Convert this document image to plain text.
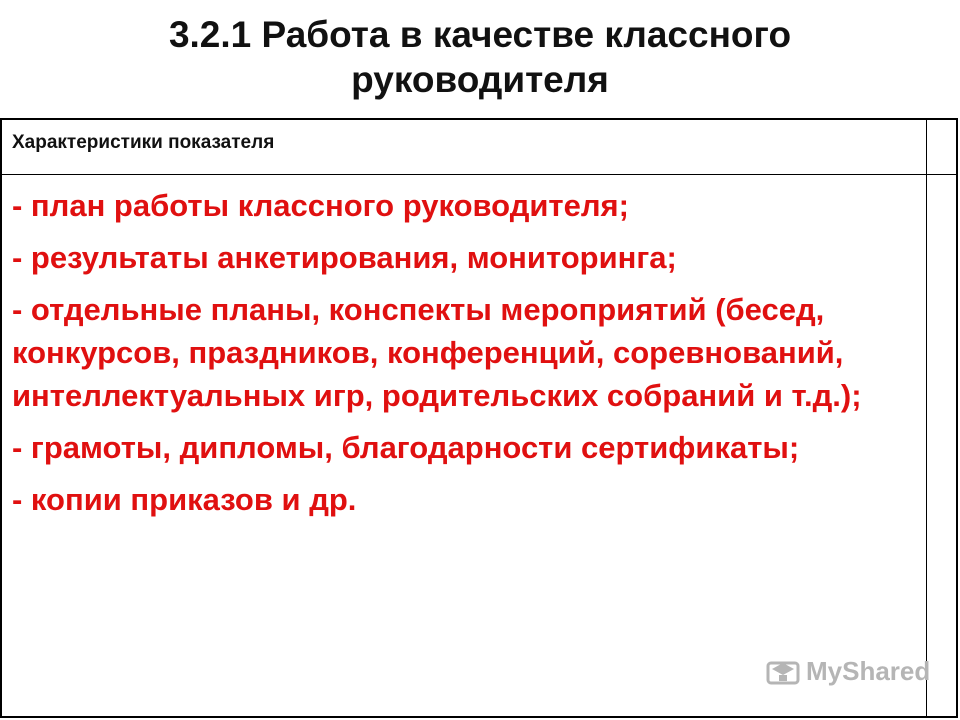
3.2.1 Работа в качестве классного
руководителя
Характеристики показателя
- план работы классного руководителя;
- результаты анкетирования, мониторинга;
- отдельные планы, конспекты мероприятий (бесед, конкурсов, праздников, конференций, соревнований, интеллектуальных игр, родительских собраний и т.д.);
- грамоты, дипломы, благодарности сертификаты;
- копии приказов и др.
MyShared
